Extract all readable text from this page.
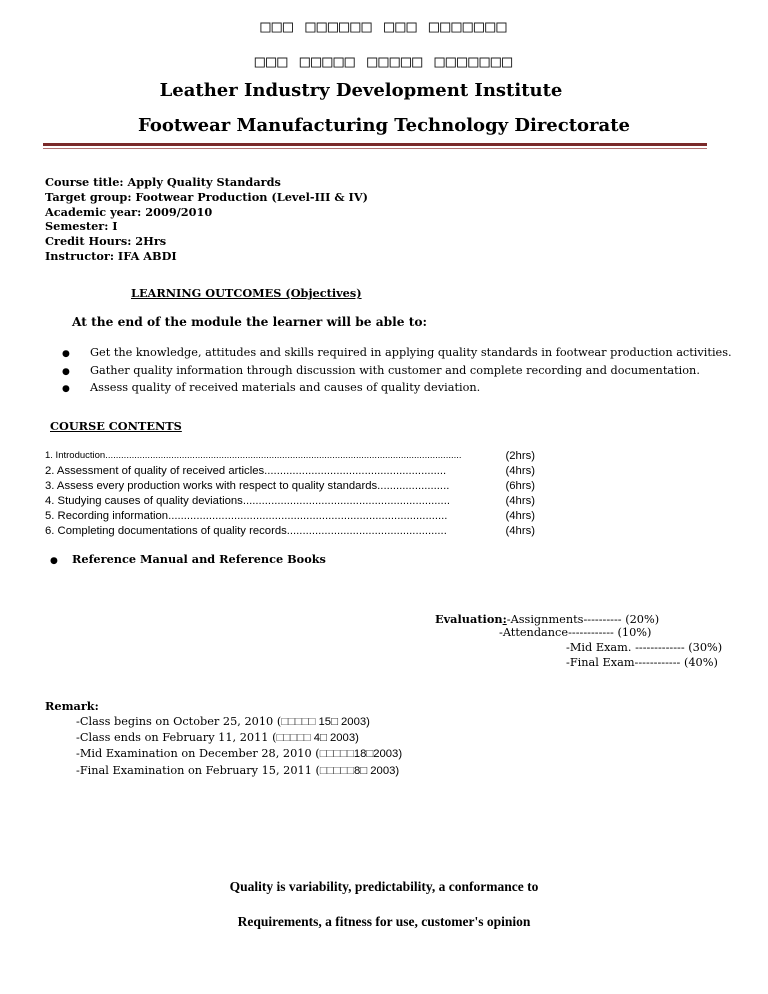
□□□ □□□□□□ □□□ □□□□□□□
□□□ □□□□□ □□□□□ □□□□□□□
Leather Industry Development Institute
Footwear Manufacturing Technology Directorate
Course title: Apply Quality Standards
Target group: Footwear Production (Level-III & IV)
Academic year: 2009/2010
Semester: I
Credit Hours: 2Hrs
Instructor: IFA ABDI
LEARNING OUTCOMES (Objectives)
At the end of the module the learner will be able to:
● Get the knowledge, attitudes and skills required in applying quality standards in footwear production activities.
● Gather quality information through discussion with customer and complete recording and documentation.
● Assess quality of received materials and causes of quality deviation.
COURSE CONTENTS
1. Introduction.......................................................................................................................................	(2hrs)
2. Assessment of quality of received articles..........................................................	(4hrs)
3. Assess every production works with respect to quality standards.......................	(6hrs)
4. Studying causes of quality deviations..................................................................	(4hrs)
5. Recording information.........................................................................................	(4hrs)
6. Completing documentations of quality records...................................................	(4hrs)
● Reference Manual and Reference Books
Evaluation:-Assignments---------- (20%)
-Attendance------------ (10%)
-Mid Exam. ------------- (30%)
-Final Exam------------ (40%)
Remark:
-Class begins on October 25, 2010 (□□□□□ 15□ 2003)
-Class ends on February 11, 2011 (□□□□□ 4□ 2003)
-Mid Examination on December 28, 2010 (□□□□□18□2003)
-Final Examination on February 15, 2011 (□□□□□8□ 2003)
Quality is variability, predictability, a conformance to
Requirements, a fitness for use, customer's opinion
